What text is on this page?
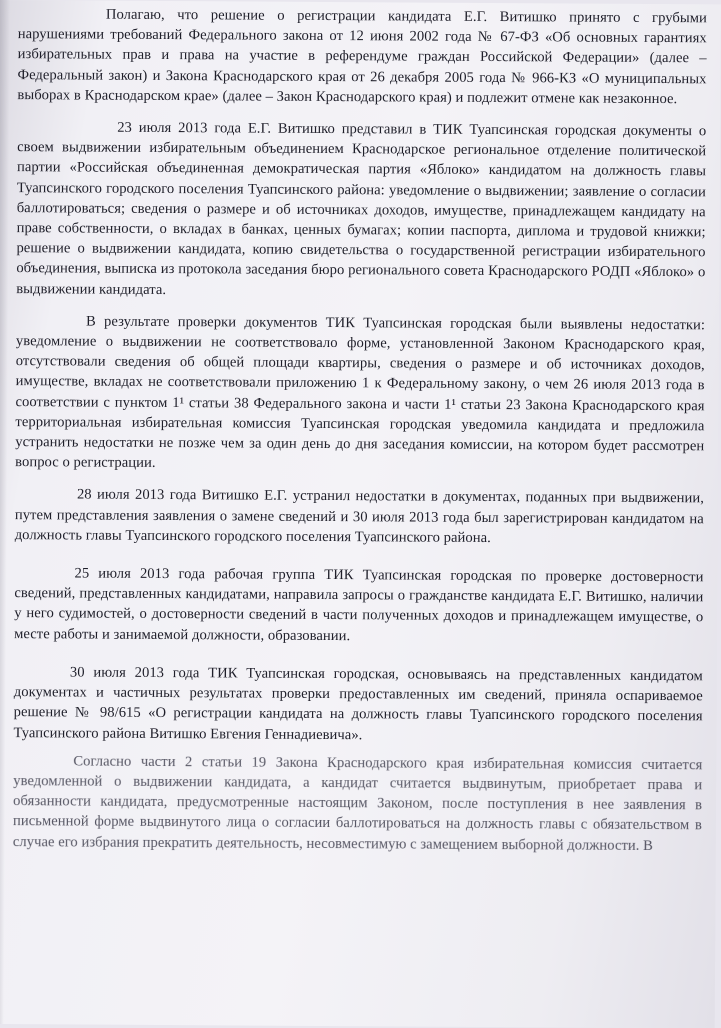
Полагаю, что решение о регистрации кандидата Е.Г. Витишко принято с грубыми нарушениями требований Федерального закона от 12 июня 2002 года № 67-ФЗ «Об основных гарантиях избирательных прав и права на участие в референдуме граждан Российской Федерации» (далее – Федеральный закон) и Закона Краснодарского края от 26 декабря 2005 года № 966-КЗ «О муниципальных выборах в Краснодарском крае» (далее – Закон Краснодарского края) и подлежит отмене как незаконное.

23 июля 2013 года Е.Г. Витишко представил в ТИК Туапсинская городская документы о своем выдвижении избирательным объединением Краснодарское региональное отделение политической партии «Российская объединенная демократическая партия «Яблоко» кандидатом на должность главы Туапсинского городского поселения Туапсинского района: уведомление о выдвижении; заявление о согласии баллотироваться; сведения о размере и об источниках доходов, имуществе, принадлежащем кандидату на праве собственности, о вкладах в банках, ценных бумагах; копии паспорта, диплома и трудовой книжки; решение о выдвижении кандидата, копию свидетельства о государственной регистрации избирательного объединения, выписка из протокола заседания бюро регионального совета Краснодарского РОДП «Яблоко» о выдвижении кандидата.

В результате проверки документов ТИК Туапсинская городская были выявлены недостатки: уведомление о выдвижении не соответствовало форме, установленной Законом Краснодарского края, отсутствовали сведения об общей площади квартиры, сведения о размере и об источниках доходов, имуществе, вкладах не соответствовали приложению 1 к Федеральному закону, о чем 26 июля 2013 года в соответствии с пунктом 1¹ статьи 38 Федерального закона и части 1¹ статьи 23 Закона Краснодарского края территориальная избирательная комиссия Туапсинская городская уведомила кандидата и предложила устранить недостатки не позже чем за один день до дня заседания комиссии, на котором будет рассмотрен вопрос о регистрации.

28 июля 2013 года Витишко Е.Г. устранил недостатки в документах, поданных при выдвижении, путем представления заявления о замене сведений и 30 июля 2013 года был зарегистрирован кандидатом на должность главы Туапсинского городского поселения Туапсинского района.

25 июля 2013 года рабочая группа ТИК Туапсинская городская по проверке достоверности сведений, представленных кандидатами, направила запросы о гражданстве кандидата Е.Г. Витишко, наличии у него судимостей, о достоверности сведений в части полученных доходов и принадлежащем имуществе, о месте работы и занимаемой должности, образовании.

30 июля 2013 года ТИК Туапсинская городская, основываясь на представленных кандидатом документах и частичных результатах проверки предоставленных им сведений, приняла оспариваемое решение № 98/615 «О регистрации кандидата на должность главы Туапсинского городского поселения Туапсинского района Витишко Евгения Геннадиевича».

Согласно части 2 статьи 19 Закона Краснодарского края избирательная комиссия считается уведомленной о выдвижении кандидата, а кандидат считается выдвинутым, приобретает права и обязанности кандидата, предусмотренные настоящим Законом, после поступления в нее заявления в письменной форме выдвинутого лица о согласии баллотироваться на должность главы с обязательством в случае его избрания прекратить деятельность, несовместимую с замещением выборной должности. В
